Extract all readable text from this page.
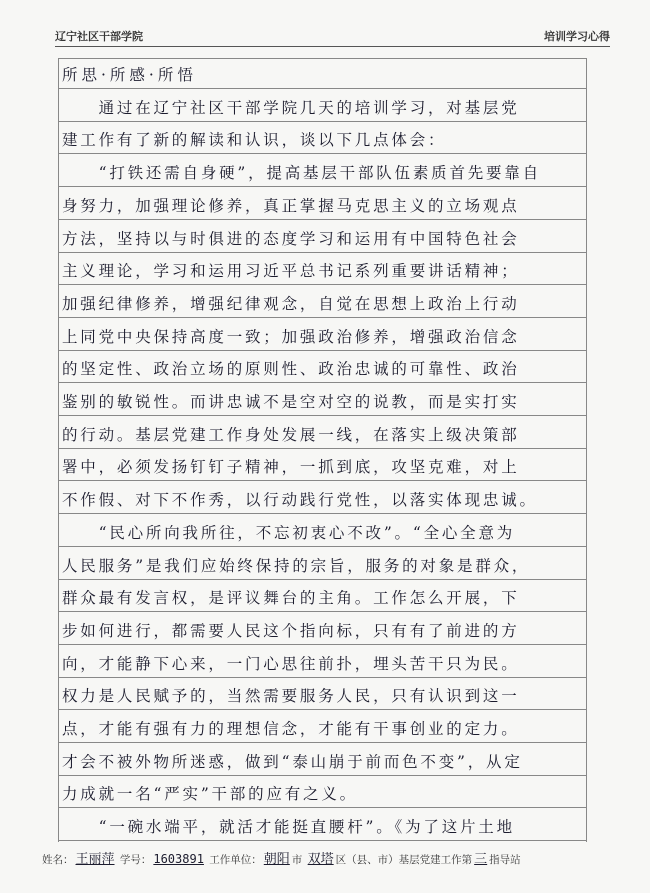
辽宁社区干部学院	培训学习心得
所思·所感·所悟
　　通过在辽宁社区干部学院几天的培训学习，对基层党
建工作有了新的解读和认识，谈以下几点体会：
　　“打铁还需自身硬”，提高基层干部队伍素质首先要靠自
身努力，加强理论修养，真正掌握马克思主义的立场观点
方法，坚持以与时俱进的态度学习和运用有中国特色社会
主义理论，学习和运用习近平总书记系列重要讲话精神；
加强纪律修养，增强纪律观念，自觉在思想上政治上行动
上同党中央保持高度一致；加强政治修养，增强政治信念
的坚定性、政治立场的原则性、政治忠诚的可靠性、政治
鉴别的敏锐性。而讲忠诚不是空对空的说教，而是实打实
的行动。基层党建工作身处发展一线，在落实上级决策部
署中，必须发扬钉钉子精神，一抓到底，攻坚克难，对上
不作假、对下不作秀，以行动践行党性，以落实体现忠诚。
　　“民心所向我所往，不忘初衷心不改”。“全心全意为
人民服务”是我们应始终保持的宗旨，服务的对象是群众，
群众最有发言权，是评议舞台的主角。工作怎么开展，下
步如何进行，都需要人民这个指向标，只有有了前进的方
向，才能静下心来，一门心思往前扑，埋头苦干只为民。
权力是人民赋予的，当然需要服务人民，只有认识到这一
点，才能有强有力的理想信念，才能有干事创业的定力。
才会不被外物所迷惑，做到“泰山崩于前而色不变”，从定
力成就一名“严实”干部的应有之义。
　　“一碗水端平，就活才能挺直腰杆”。《为了这片土地
姓名： 王丽萍 学号： 1603891 工作单位： 朝阳 市 双塔 区（县、市）基层党建工作第 三 指导站
